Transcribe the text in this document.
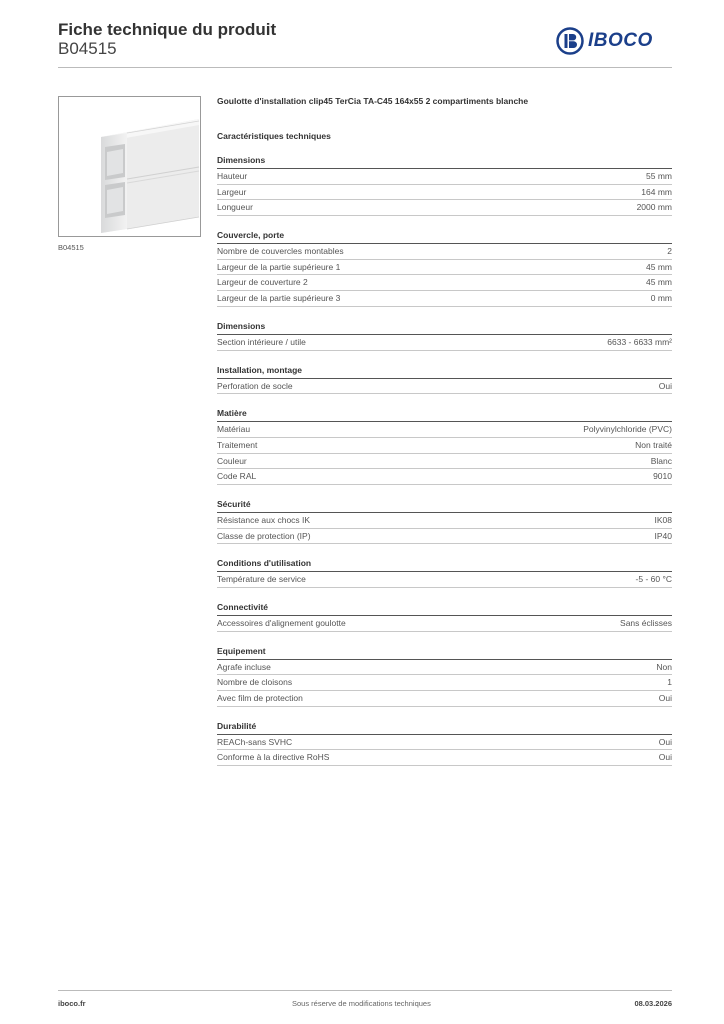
Fiche technique du produit
B04515	IBOCO
B04515
Goulotte d'installation clip45 TerCia TA-C45 164x55 2 compartiments blanche
Caractéristiques techniques
Dimensions
Hauteur	55 mm
Largeur	164 mm
Longueur	2000 mm
Couvercle, porte
Nombre de couvercles montables	2
Largeur de la partie supérieure 1	45 mm
Largeur de couverture 2	45 mm
Largeur de la partie supérieure 3	0 mm
Dimensions
Section intérieure / utile	6633 - 6633 mm²
Installation, montage
Perforation de socle	Oui
Matière
Matériau	Polyvinylchloride (PVC)
Traitement	Non traité
Couleur	Blanc
Code RAL	9010
Sécurité
Résistance aux chocs IK	IK08
Classe de protection (IP)	IP40
Conditions d'utilisation
Température de service	-5 - 60 °C
Connectivité
Accessoires d'alignement goulotte	Sans éclisses
Equipement
Agrafe incluse	Non
Nombre de cloisons	1
Avec film de protection	Oui
Durabilité
REACh-sans SVHC	Oui
Conforme à la directive RoHS	Oui
iboco.fr	Sous réserve de modifications techniques	08.03.2026
